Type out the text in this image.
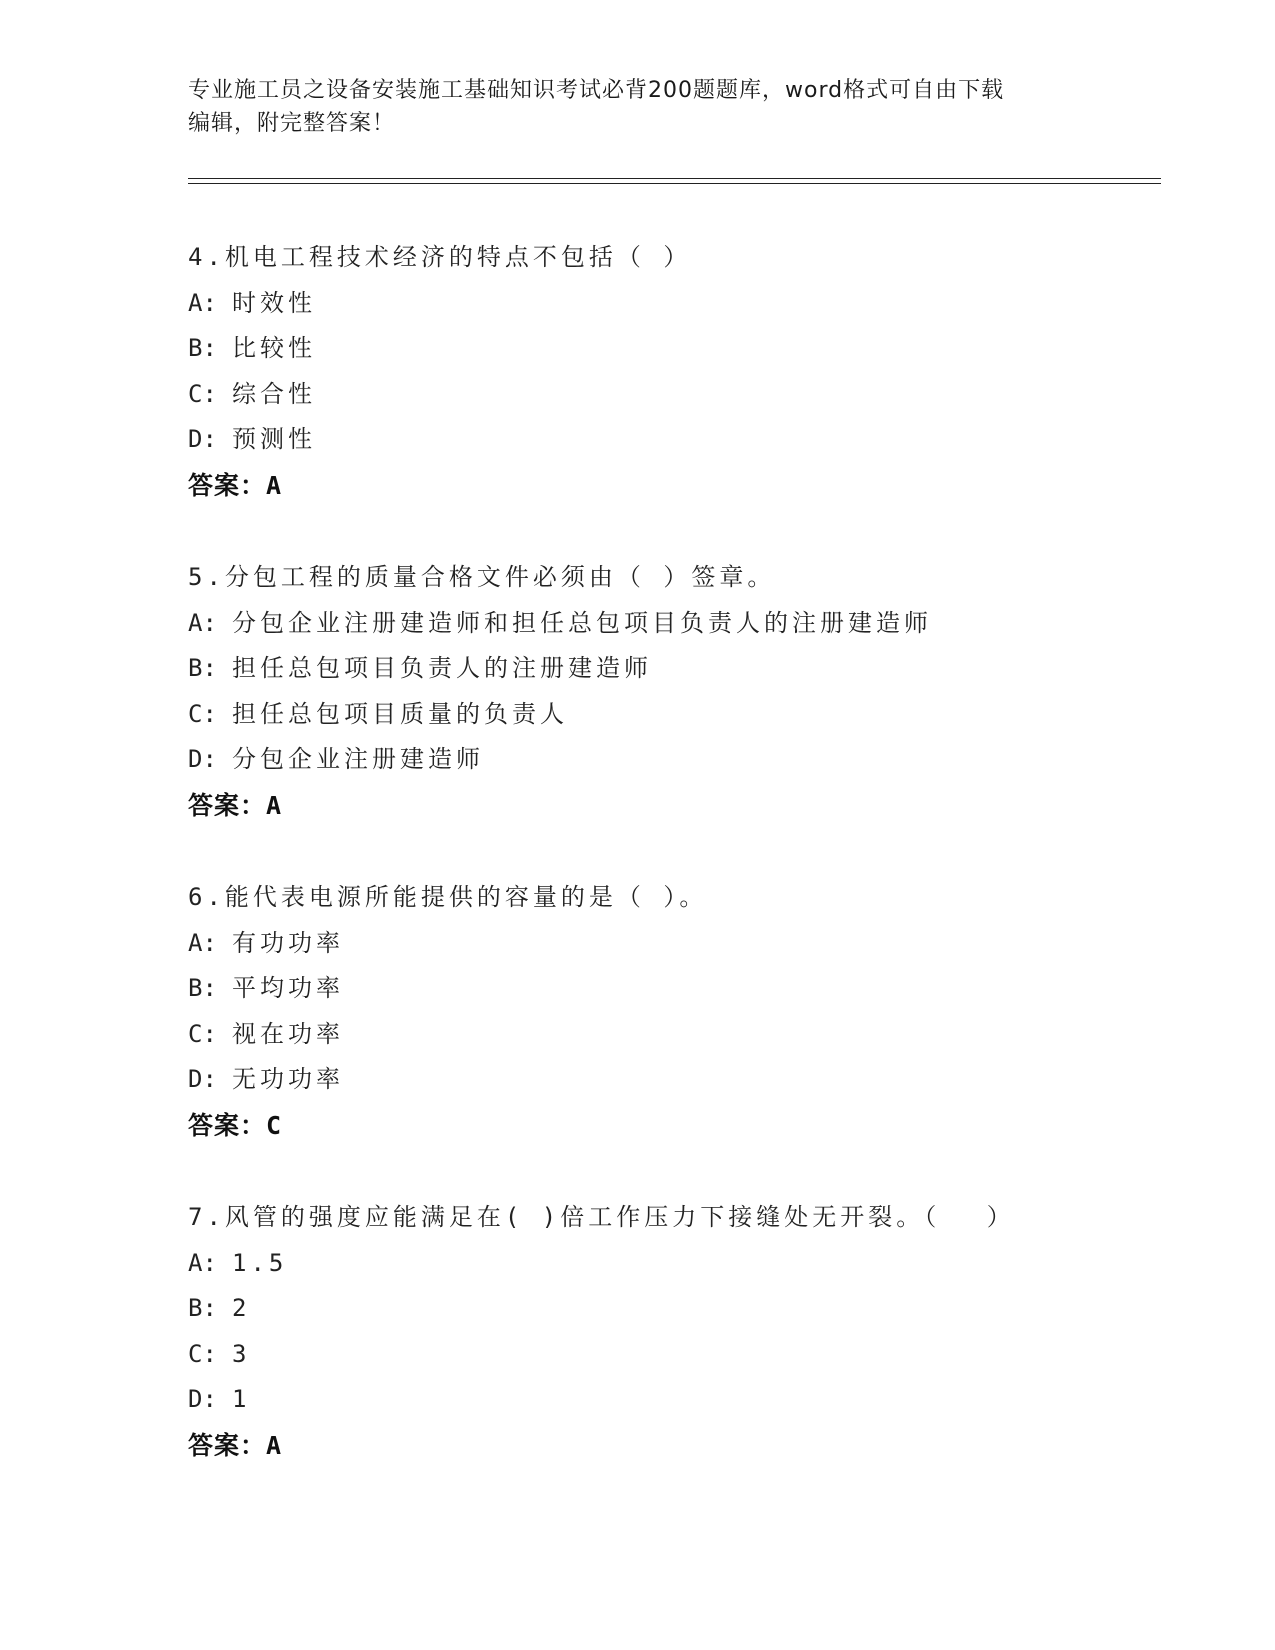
专业施工员之设备安装施工基础知识考试必背200题题库，word格式可自由下载
编辑，附完整答案！
4.机电工程技术经济的特点不包括（ ）
A: 时效性
B: 比较性
C: 综合性
D: 预测性
答案：A
5.分包工程的质量合格文件必须由（ ）签章。
A: 分包企业注册建造师和担任总包项目负责人的注册建造师
B: 担任总包项目负责人的注册建造师
C: 担任总包项目质量的负责人
D: 分包企业注册建造师
答案：A
6.能代表电源所能提供的容量的是（ ）。
A: 有功功率
B: 平均功率
C: 视在功率
D: 无功功率
答案：C
7.风管的强度应能满足在( )倍工作压力下接缝处无开裂。（　 ）
A: 1.5
B: 2
C: 3
D: 1
答案：A
